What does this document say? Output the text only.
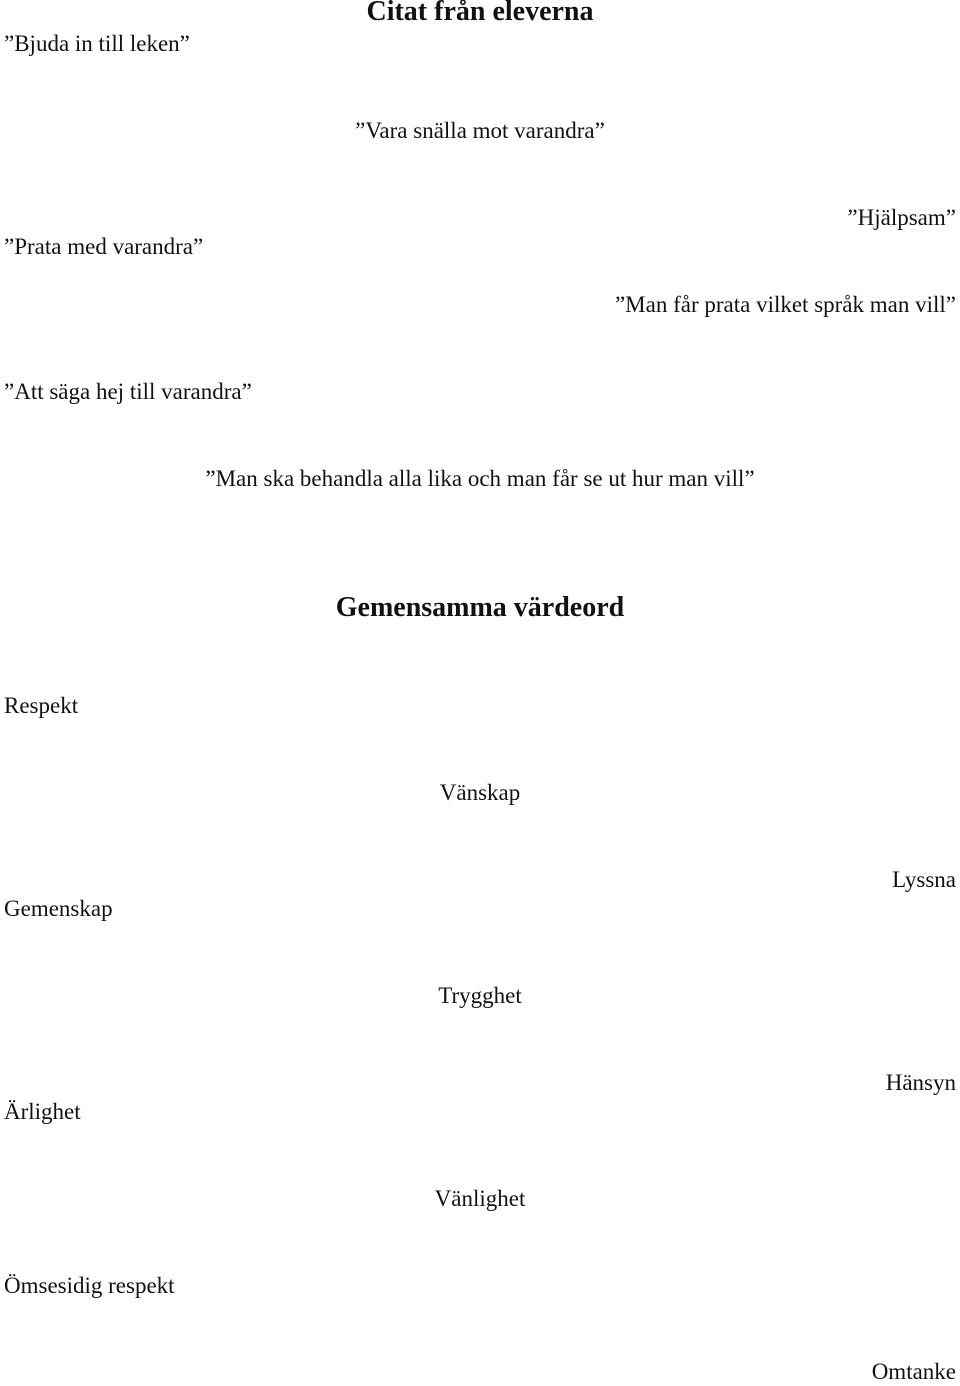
Citat från eleverna
”Bjuda in till leken”
”Vara snälla mot varandra”
”Prata med varandra”
”Hjälpsam”
”Man får prata vilket språk man vill”
”Att säga hej till varandra”
”Man ska behandla alla lika och man får se ut hur man vill”
Gemensamma värdeord
Respekt
Vänskap
Gemenskap
Lyssna
Trygghet
Ärlighet
Hänsyn
Vänlighet
Ömsesidig respekt
Omtanke
